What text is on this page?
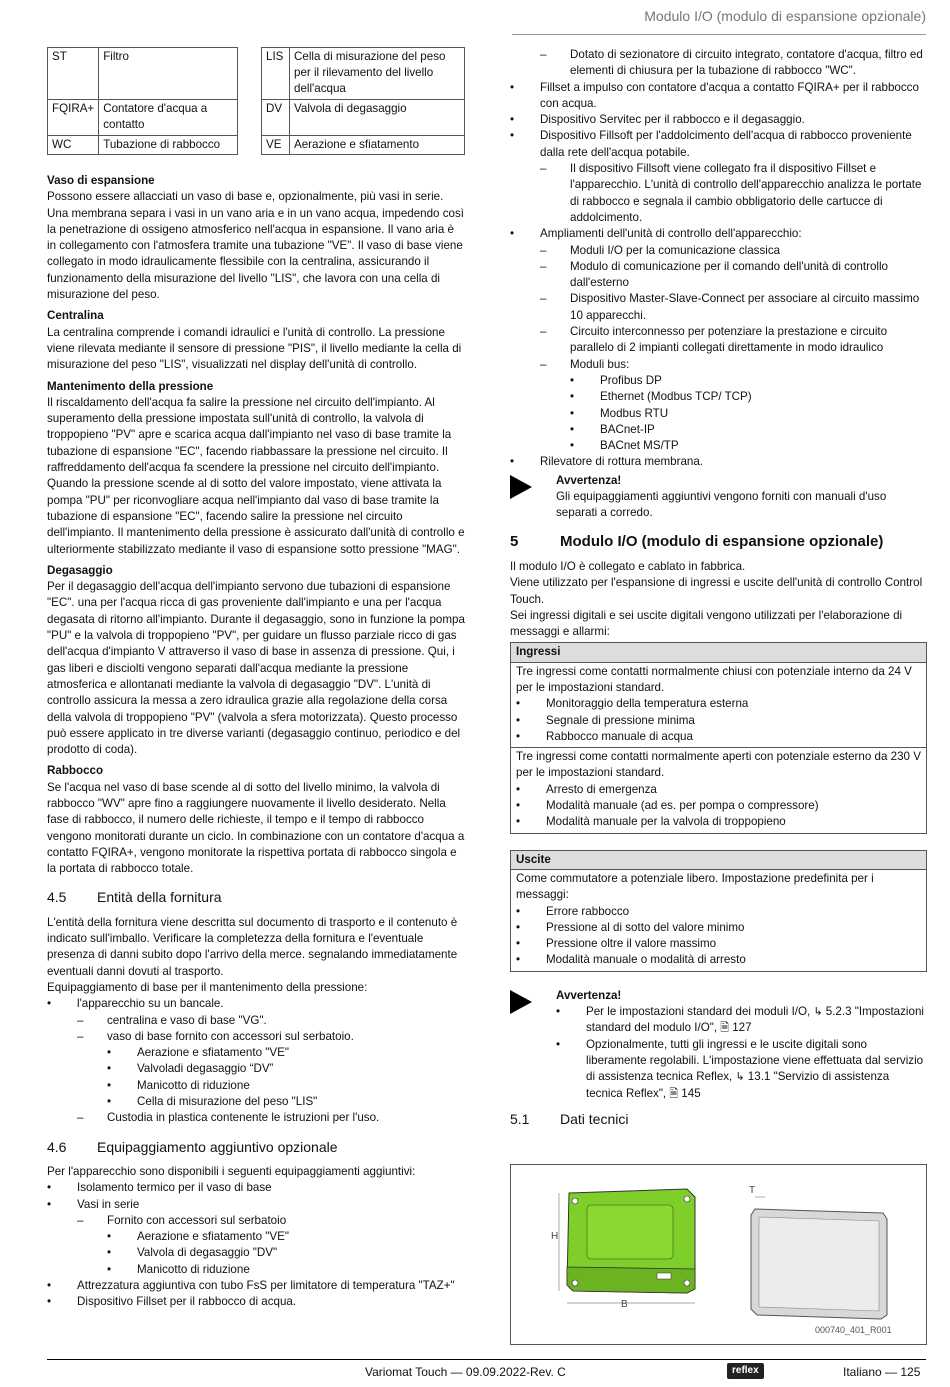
Modulo I/O (modulo di espansione opzionale)
ST	Filtro
FQIRA+	Contatore d'acqua a contatto
WC	Tubazione di rabbocco
LIS	Cella di misurazione del peso per il rilevamento del livello dell'acqua
DV	Valvola di degasaggio
VE	Aerazione e sfiatamento
Vaso di espansione

Possono essere allacciati un vaso di base e, opzionalmente, più vasi in serie. Una membrana separa i vasi in un vano aria e in un vano acqua, impedendo così la penetrazione di ossigeno atmosferico nell'acqua in espansione. Il vano aria è in collegamento con l'atmosfera tramite una tubazione "VE". Il vaso di base viene collegato in modo idraulicamente flessibile con la centralina, assicurando il funzionamento della misurazione del livello "LIS", che lavora con una cella di misurazione del peso.

Centralina

La centralina comprende i comandi idraulici e l'unità di controllo. La pressione viene rilevata mediante il sensore di pressione "PIS", il livello mediante la cella di misurazione del peso "LIS", visualizzati nel display dell'unità di controllo.

Mantenimento della pressione

Il riscaldamento dell'acqua fa salire la pressione nel circuito dell'impianto. Al superamento della pressione impostata sull'unità di controllo, la valvola di troppopieno "PV" apre e scarica acqua dall'impianto nel vaso di base tramite la tubazione di espansione "EC", facendo riabbassare la pressione nel circuito. Il raffreddamento dell'acqua fa scendere la pressione nel circuito dell'impianto. Quando la pressione scende al di sotto del valore impostato, viene attivata la pompa "PU" per riconvogliare acqua nell'impianto dal vaso di base tramite la tubazione di espansione "EC", facendo salire la pressione nel circuito dell'impianto. Il mantenimento della pressione è assicurato dall'unità di controllo e ulteriormente stabilizzato mediante il vaso di espansione sotto pressione "MAG".

Degasaggio

Per il degasaggio dell'acqua dell'impianto servono due tubazioni di espansione "EC". una per l'acqua ricca di gas proveniente dall'impianto e una per l'acqua degasata di ritorno all'impianto. Durante il degasaggio, sono in funzione la pompa "PU" e la valvola di troppopieno "PV", per guidare un flusso parziale ricco di gas dell'acqua d'impianto V attraverso il vaso di base in assenza di pressione. Qui, i gas liberi e disciolti vengono separati dall'acqua mediante la pressione atmosferica e allontanati mediante la valvola di degasaggio "DV". L'unità di controllo assicura la messa a zero idraulica grazie alla regolazione della corsa della valvola di troppopieno "PV" (valvola a sfera motorizzata). Questo processo può essere applicato in tre diverse varianti (degasaggio continuo, periodico e del prodotto di coda).

Rabbocco

Se l'acqua nel vaso di base scende al di sotto del livello minimo, la valvola di rabbocco "WV" apre fino a raggiungere nuovamente il livello desiderato. Nella fase di rabbocco, il numero delle richieste, il tempo e il tempo di rabbocco vengono monitorati durante un ciclo. In combinazione con un contatore d'acqua a contatto FQIRA+, vengono monitorate la rispettiva portata di rabbocco singola e la portata di rabbocco totale.

4.5	Entità della fornitura

L'entità della fornitura viene descritta sul documento di trasporto e il contenuto è indicato sull'imballo. Verificare la completezza della fornitura e l'eventuale presenza di danni subito dopo l'arrivo della merce. segnalando immediatamente eventuali danni dovuti al trasporto.

Equipaggiamento di base per il mantenimento della pressione:

• l'apparecchio su un bancale.
– centralina e vaso di base "VG".
– vaso di base fornito con accessori sul serbatoio.
• Aerazione e sfiatamento "VE"
• Valvoladi degasaggio “DV”
• Manicotto di riduzione
• Cella di misurazione del peso "LIS"
– Custodia in plastica contenente le istruzioni per l'uso.
4.6	Equipaggiamento aggiuntivo opzionale

Per l'apparecchio sono disponibili i seguenti equipaggiamenti aggiuntivi:

• Isolamento termico per il vaso di base
• Vasi in serie
– Fornito con accessori sul serbatoio
• Aerazione e sfiatamento "VE"
• Valvola di degasaggio "DV"
• Manicotto di riduzione
• Attrezzatura aggiuntiva con tubo FsS per limitatore di temperatura "TAZ+"
• Dispositivo Fillset per il rabbocco di acqua.
– Dotato di sezionatore di circuito integrato, contatore d'acqua, filtro ed elementi di chiusura per la tubazione di rabbocco "WC".
• Fillset a impulso con contatore d'acqua a contatto FQIRA+ per il rabbocco con acqua.
• Dispositivo Servitec per il rabbocco e il degasaggio.
• Dispositivo Fillsoft per l'addolcimento dell'acqua di rabbocco proveniente dalla rete dell'acqua potabile.
– Il dispositivo Fillsoft viene collegato fra il dispositivo Fillset e l'apparecchio. L'unità di controllo dell'apparecchio analizza le portate di rabbocco e segnala il cambio obbligatorio delle cartucce di addolcimento.
• Ampliamenti dell'unità di controllo dell'apparecchio:
– Moduli I/O per la comunicazione classica
– Modulo di comunicazione per il comando dell'unità di controllo dall'esterno
– Dispositivo Master-Slave-Connect per associare al circuito massimo 10 apparecchi.
– Circuito interconnesso per potenziare la prestazione e circuito parallelo di 2 impianti collegati direttamente in modo idraulico
– Moduli bus:
• Profibus DP
• Ethernet (Modbus TCP/ TCP)
• Modbus RTU
• BACnet-IP
• BACnet MS/TP
• Rilevatore di rottura membrana.
Avvertenza!
Gli equipaggiamenti aggiuntivi vengono forniti con manuali d'uso separati a corredo.
5	Modulo I/O (modulo di espansione opzionale)

Il modulo I/O è collegato e cablato in fabbrica.

Viene utilizzato per l'espansione di ingressi e uscite dell'unità di controllo Control Touch.

Sei ingressi digitali e sei uscite digitali vengono utilizzati per l'elaborazione di messaggi e allarmi:

Ingressi

Tre ingressi come contatti normalmente chiusi con potenziale interno da 24 V per le impostazioni standard.

• Monitoraggio della temperatura esterna
• Segnale di pressione minima
• Rabbocco manuale di acqua

Tre ingressi come contatti normalmente aperti con potenziale esterno da 230 V per le impostazioni standard.

• Arresto di emergenza
• Modalità manuale (ad es. per pompa o compressore)
• Modalità manuale per la valvola di troppopieno
Uscite

Come commutatore a potenziale libero. Impostazione predefinita per i messaggi:

• Errore rabbocco
• Pressione al di sotto del valore minimo
• Pressione oltre il valore massimo
• Modalità manuale o modalità di arresto
Avvertenza!
• Per le impostazioni standard dei moduli I/O, ↳ 5.2.3 "Impostazioni standard del modulo I/O", 🗎 127
• Opzionalmente, tutti gli ingressi e le uscite digitali sono liberamente regolabili. L'impostazione viene effettuata dal servizio di assistenza tecnica Reflex, ↳ 13.1 "Servizio di assistenza tecnica Reflex", 🗎 145
5.1	Dati tecnici
H
B
T
000740_401_R001
Variomat Touch — 09.09.2022-Rev. C	reflex	Italiano — 125
